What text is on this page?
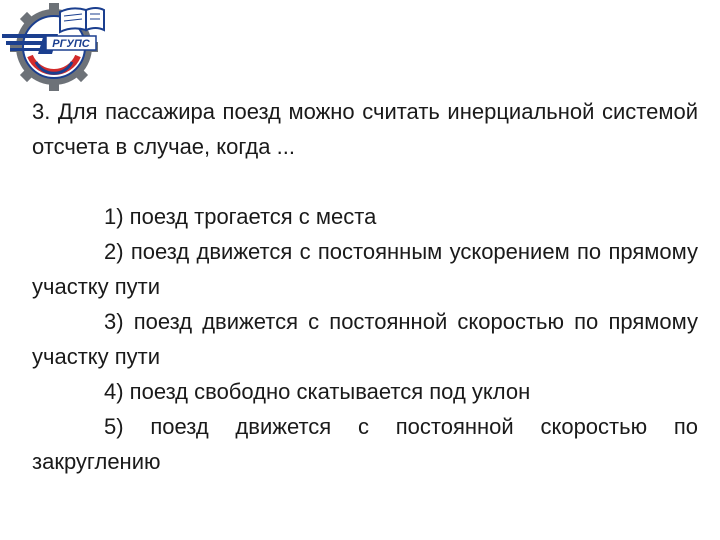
РГУПС

3. Для пассажира поезд можно считать инерциальной системой отсчета в случае, когда ...

1) поезд трогается с места

2) поезд движется с постоянным ускорением по прямому участку пути

3) поезд движется с постоянной скоростью по прямому участку пути

4) поезд свободно скатывается под уклон

5) поезд движется с постоянной скоростью по закруглению
